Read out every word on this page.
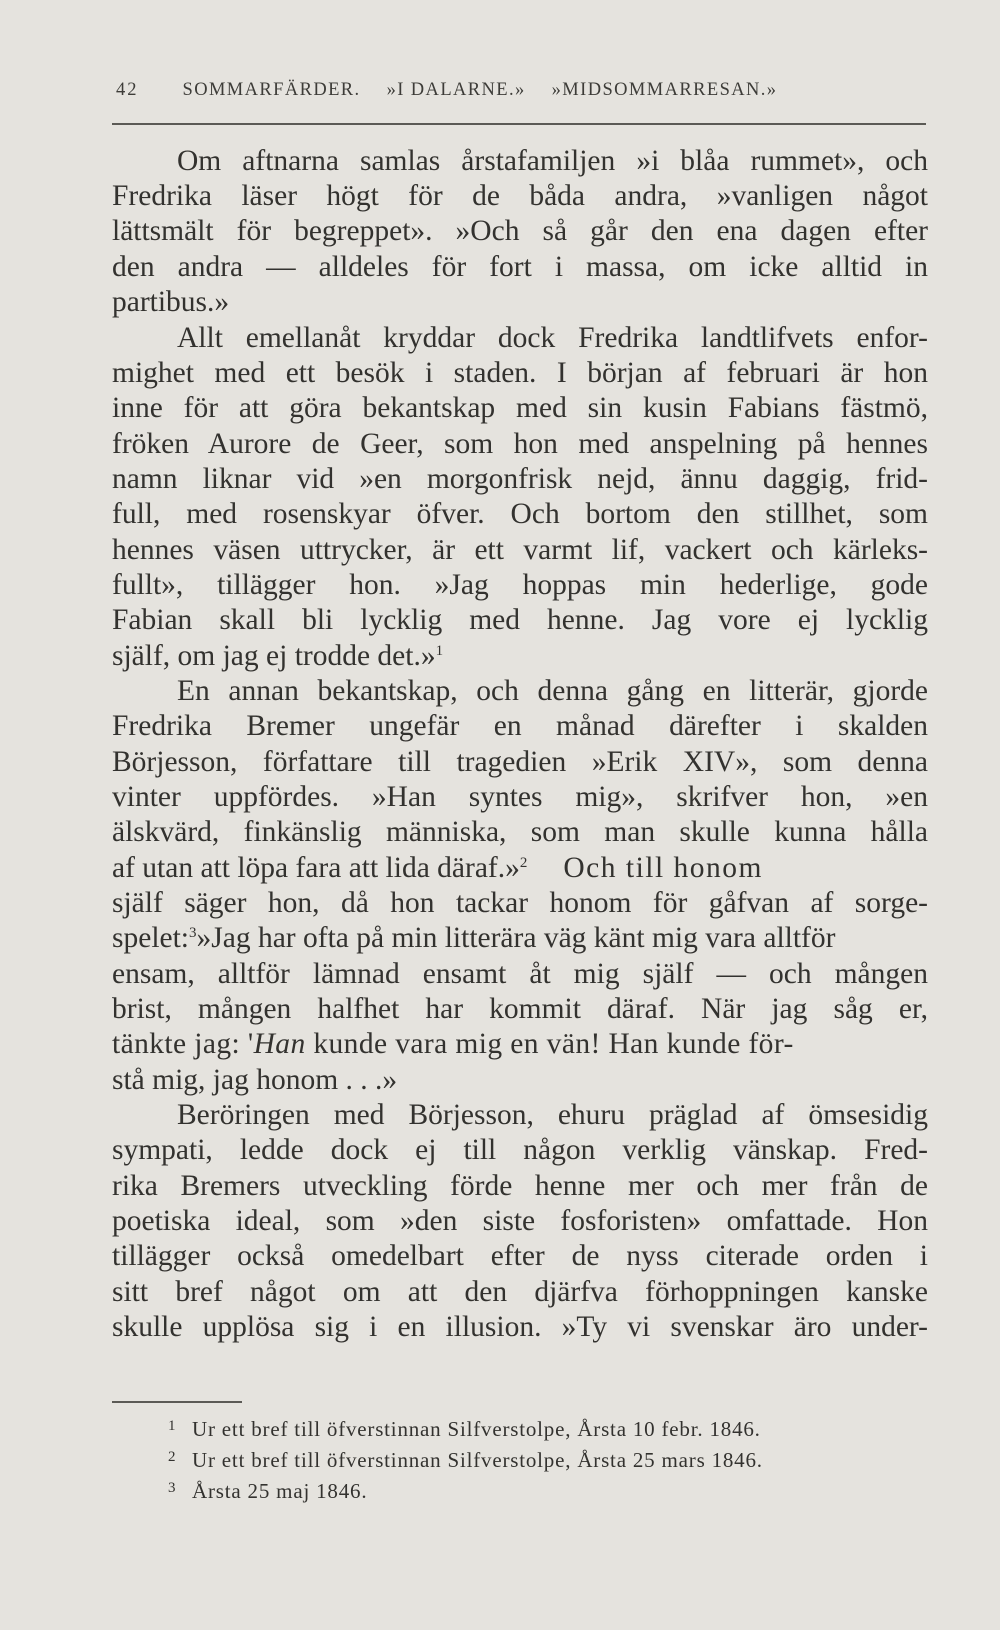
42 SOMMARFÄRDER. »I DALARNE.» »MIDSOMMARRESAN.»
Om aftnarna samlas årstafamiljen »i blåa rummet», och
Fredrika läser högt för de båda andra, »vanligen något
lättsmält för begreppet». »Och så går den ena dagen efter
den andra — alldeles för fort i massa, om icke alltid in
partibus.»
Allt emellanåt kryddar dock Fredrika landtlifvets enfor-
mighet med ett besök i staden. I början af februari är hon
inne för att göra bekantskap med sin kusin Fabians fästmö,
fröken Aurore de Geer, som hon med anspelning på hennes
namn liknar vid »en morgonfrisk nejd, ännu daggig, frid-
full, med rosenskyar öfver. Och bortom den stillhet, som
hennes väsen uttrycker, är ett varmt lif, vackert och kärleks-
fullt», tillägger hon. »Jag hoppas min hederlige, gode
Fabian skall bli lycklig med henne. Jag vore ej lycklig
själf, om jag ej trodde det.»$^1$
En annan bekantskap, och denna gång en litterär, gjorde
Fredrika Bremer ungefär en månad därefter i skalden
Börjesson, författare till tragedien »Erik XIV», som denna
vinter uppfördes. »Han syntes mig», skrifver hon, »en
älskvärd, finkänslig människa, som man skulle kunna hålla
af utan att löpa fara att lida däraf.»$^2$ Och till honom
själf säger hon, då hon tackar honom för gåfvan af sorge-
spelet:$^3$»Jag har ofta på min litterära väg känt mig vara alltför
ensam, alltför lämnad ensamt åt mig själf — och mången
brist, mången halfhet har kommit däraf. När jag såg er,
tänkte jag: 'Han kunde vara mig en vän! Han kunde för-
stå mig, jag honom . . .»
Beröringen med Börjesson, ehuru präglad af ömsesidig
sympati, ledde dock ej till någon verklig vänskap. Fred-
rika Bremers utveckling förde henne mer och mer från de
poetiska ideal, som »den siste fosforisten» omfattade. Hon
tillägger också omedelbart efter de nyss citerade orden i
sitt bref något om att den djärfva förhoppningen kanske
skulle upplösa sig i en illusion. »Ty vi svenskar äro under-
1 Ur ett bref till öfverstinnan Silfverstolpe, Årsta 10 febr. 1846.
2 Ur ett bref till öfverstinnan Silfverstolpe, Årsta 25 mars 1846.
3 Årsta 25 maj 1846.
